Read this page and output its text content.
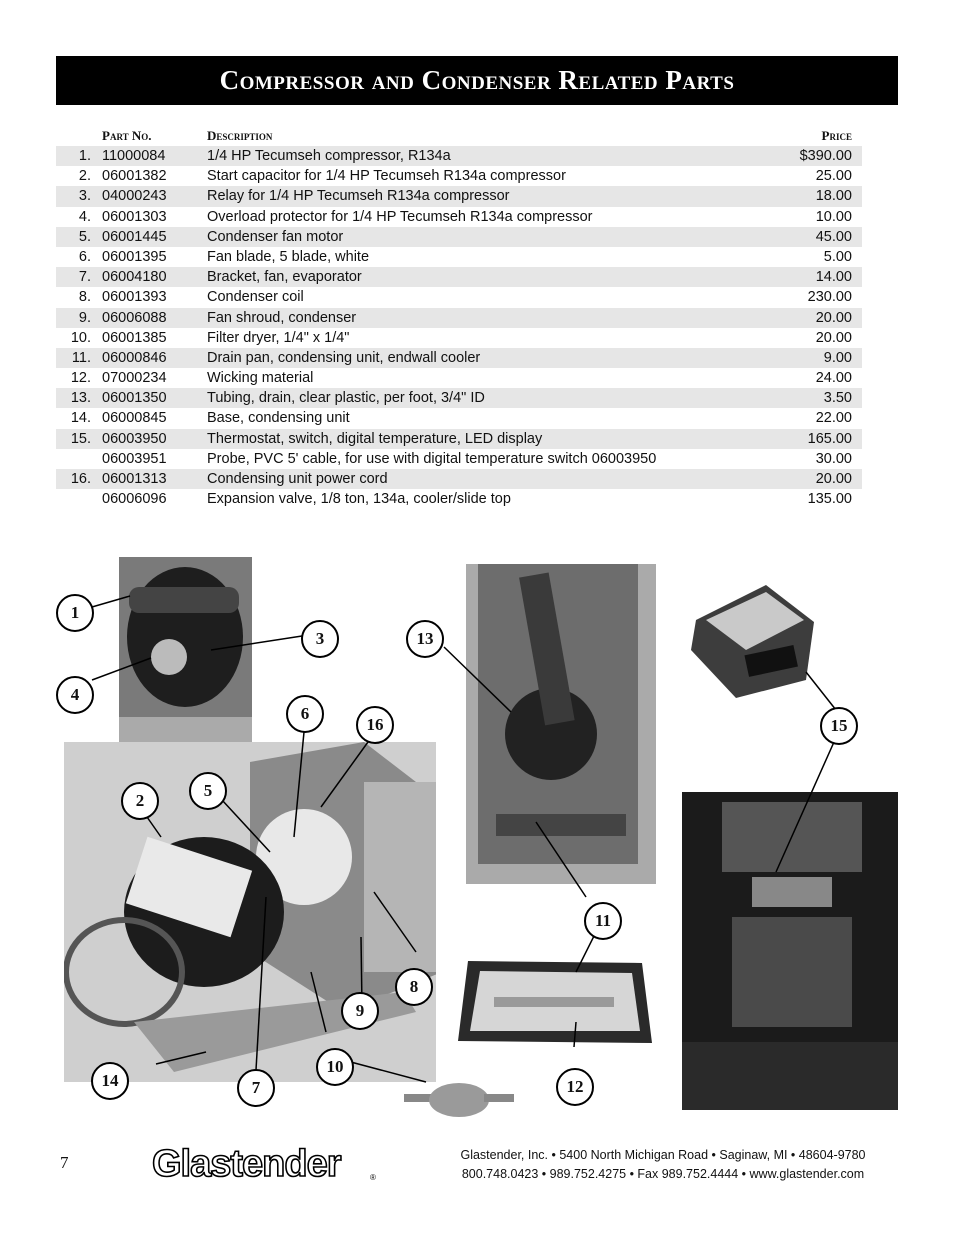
Compressor and Condenser Related Parts
Part No.	Description	Price
1. 11000084	1/4 HP Tecumseh compressor, R134a	$390.00
2. 06001382	Start capacitor for 1/4 HP Tecumseh R134a compressor	25.00
3. 04000243	Relay for 1/4 HP Tecumseh R134a compressor	18.00
4. 06001303	Overload protector for 1/4 HP Tecumseh R134a compressor	10.00
5. 06001445	Condenser fan motor	45.00
6. 06001395	Fan blade, 5 blade, white	5.00
7. 06004180	Bracket, fan, evaporator	14.00
8. 06001393	Condenser coil	230.00
9. 06006088	Fan shroud, condenser	20.00
10. 06001385	Filter dryer, 1/4" x 1/4"	20.00
11. 06000846	Drain pan, condensing unit, endwall cooler	9.00
12. 07000234	Wicking material	24.00
13. 06001350	Tubing, drain, clear plastic, per foot, 3/4" ID	3.50
14. 06000845	Base, condensing unit	22.00
15. 06003950	Thermostat, switch, digital temperature, LED display	165.00
06003951	Probe, PVC 5' cable, for use with digital temperature switch 06003950	30.00
16. 06001313	Condensing unit power cord	20.00
06006096	Expansion valve, 1/8 ton, 134a, cooler/slide top	135.00
1
2
3
4
5
6
7
8
9
10
11
12
13
14
15
16
7 Glastender	®
Glastender, Inc. • 5400 North Michigan Road • Saginaw, MI • 48604-9780
800.748.0423 • 989.752.4275 • Fax 989.752.4444 • www.glastender.com
